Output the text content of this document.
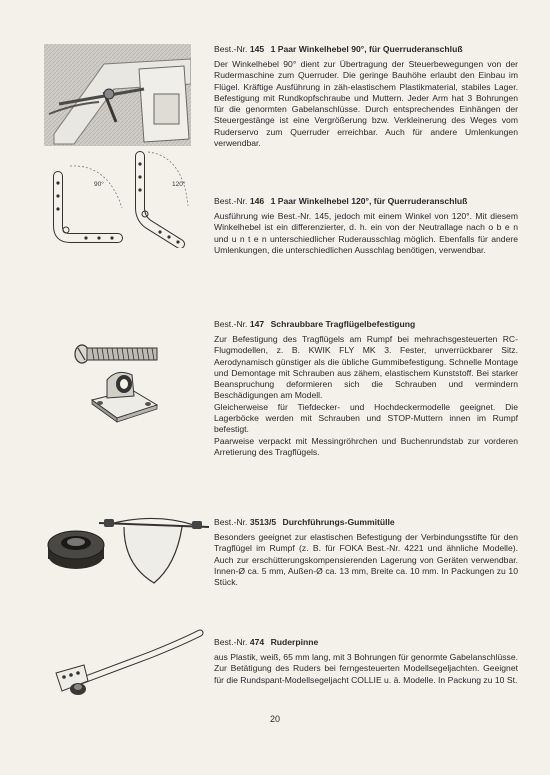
90°	120°
Best.-Nr. 145 1 Paar Winkelhebel 90°, für Querruderanschluß

Der Winkelhebel 90° dient zur Übertragung der Steuerbewegungen von der Rudermaschine zum Querruder. Die geringe Bauhöhe erlaubt den Einbau im Flügel. Kräftige Ausführung in zäh-elastischem Plastikmaterial, stabiles Lager. Befestigung mit Rundkopfschraube und Muttern. Jeder Arm hat 3 Bohrungen für die genormten Gabelanschlüsse. Durch entsprechendes Einhängen der Steuergestänge ist eine Vergrößerung bzw. Verkleinerung des Weges vom Ruderservo zum Querruder erreichbar. Auch für andere Umlenkungen verwendbar.

Best.-Nr. 146 1 Paar Winkelhebel 120°, für Querruderanschluß

Ausführung wie Best.-Nr. 145, jedoch mit einem Winkel von 120°. Mit diesem Winkelhebel ist ein differenzierter, d. h. ein von der Neutrallage nach o b e n und u n t e n unterschiedlicher Ruderausschlag möglich. Ebenfalls für andere Umlenkungen, die unterschiedlichen Ausschlag benötigen, verwendbar.

Best.-Nr. 147 Schraubbare Tragflügelbefestigung

Zur Befestigung des Tragflügels am Rumpf bei mehrachsgesteuerten RC-Flugmodellen, z. B. KWIK FLY MK 3. Fester, unverrückbarer Sitz. Aerodynamisch günstiger als die übliche Gummibefestigung. Schnelle Montage und Demontage mit Schrauben aus zähem, elastischem Kunststoff. Bei starker Beanspruchung deformieren sich die Schrauben und vermindern Beschädigungen am Modell.

Gleicherweise für Tiefdecker- und Hochdeckermodelle geeignet. Die Lagerböcke werden mit Schrauben und STOP-Muttern innen im Rumpf befestigt.

Paarweise verpackt mit Messingröhrchen und Buchenrundstab zur vorderen Arretierung des Tragflügels.

Best.-Nr. 3513/5 Durchführungs-Gummitülle

Besonders geeignet zur elastischen Befestigung der Verbindungsstifte für den Tragflügel im Rumpf (z. B. für FOKA Best.-Nr. 4221 und ähnliche Modelle). Auch zur erschütterungskompensierenden Lagerung von Geräten verwendbar. Innen-Ø ca. 5 mm, Außen-Ø ca. 13 mm, Breite ca. 10 mm. In Packungen zu 10 Stück.

Best.-Nr. 474 Ruderpinne

aus Plastik, weiß, 65 mm lang, mit 3 Bohrungen für genormte Gabelanschlüsse. Zur Betätigung des Ruders bei ferngesteuerten Modellsegeljachten. Geeignet für die Rundspant-Modellsegeljacht COLLIE u. ä. Modelle. In Packung zu 10 St.

20
